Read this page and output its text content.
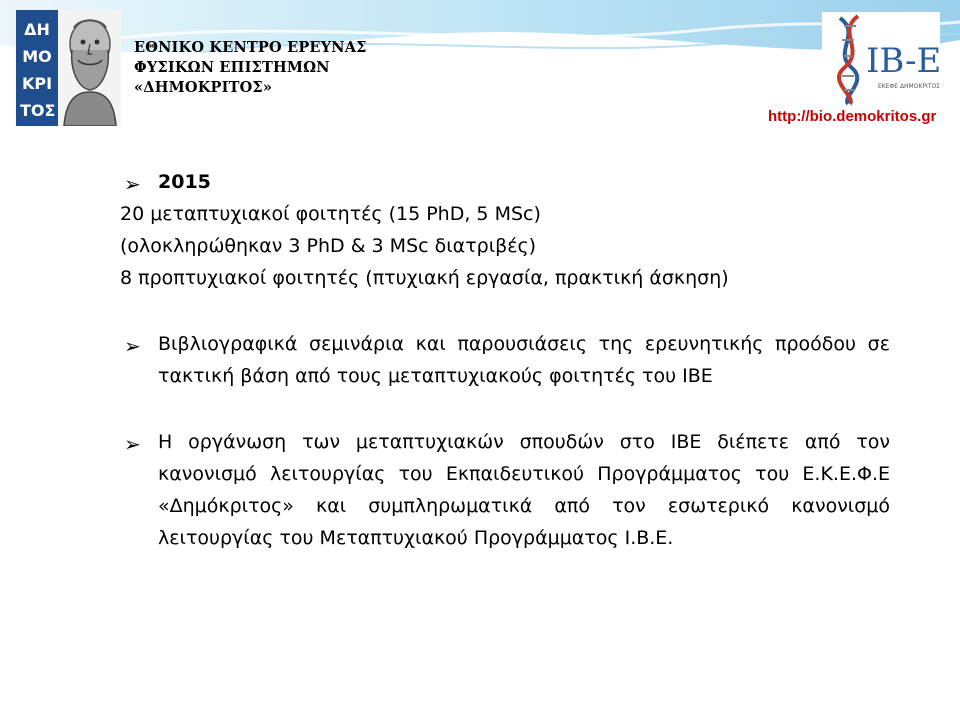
ΔΗ
ΜΟ
ΚΡΙ
ΤΟΣ
ΕΘΝΙΚΟ ΚΕΝΤΡΟ ΕΡΕΥΝΑΣ
ΦΥΣΙΚΩΝ ΕΠΙΣΤΗΜΩΝ
«ΔΗΜΟΚΡΙΤΟΣ»
IB-E
ΕΚΕΦΕ ΔΗΜΟΚΡΙΤΟΣ
http://bio.demokritos.gr
➢ 2015
20 μεταπτυχιακοί φοιτητές (15 PhD, 5 MSc)
(ολοκληρώθηκαν 3 PhD & 3 MSc διατριβές)
8 προπτυχιακοί φοιτητές (πτυχιακή εργασία, πρακτική άσκηση)
➢ Βιβλιογραφικά σεμινάρια και παρουσιάσεις της ερευνητικής προόδου σε τακτική βάση από τους μεταπτυχιακούς φοιτητές του ΙΒΕ
➢ Η οργάνωση των μεταπτυχιακών σπουδών στο ΙΒΕ διέπετε από τον κανονισμό λειτουργίας του Εκπαιδευτικού Προγράμματος του Ε.Κ.Ε.Φ.Ε «Δημόκριτος» και συμπληρωματικά από τον εσωτερικό κανονισμό λειτουργίας του Μεταπτυχιακού Προγράμματος Ι.Β.Ε.
